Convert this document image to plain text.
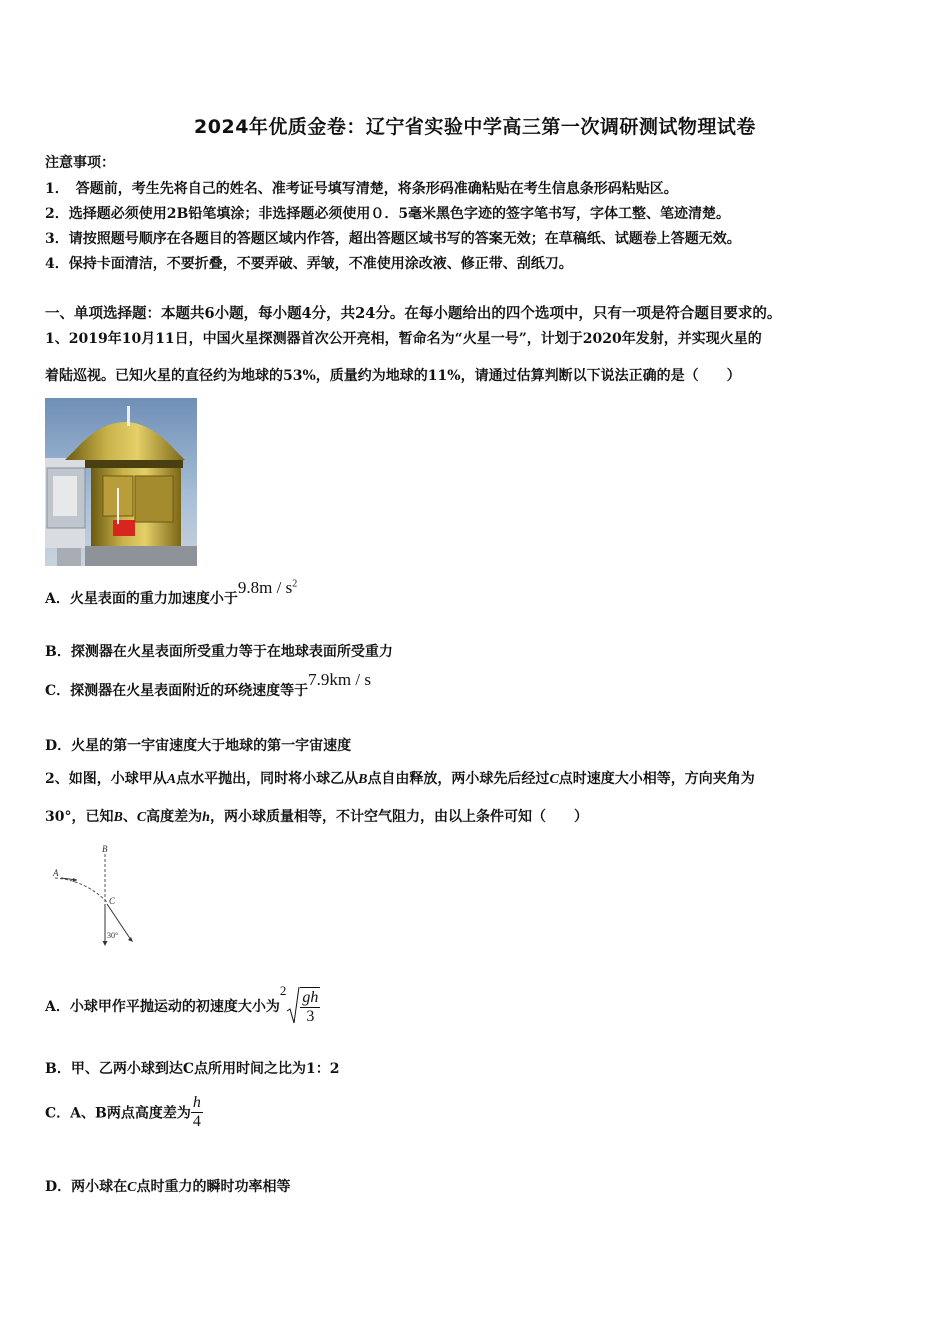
2024年优质金卷：辽宁省实验中学高三第一次调研测试物理试卷
注意事项：
1．　答题前，考生先将自己的姓名、准考证号填写清楚，将条形码准确粘贴在考生信息条形码粘贴区。
2．选择题必须使用2B铅笔填涂；非选择题必须使用０．5毫米黑色字迹的签字笔书写，字体工整、笔迹清楚。
3．请按照题号顺序在各题目的答题区域内作答，超出答题区域书写的答案无效；在草稿纸、试题卷上答题无效。
4．保持卡面清洁，不要折叠，不要弄破、弄皱，不准使用涂改液、修正带、刮纸刀。
一、单项选择题：本题共6小题，每小题4分，共24分。在每小题给出的四个选项中，只有一项是符合题目要求的。
1、2019年10月11日，中国火星探测器首次公开亮相，暂命名为“火星一号”，计划于2020年发射，并实现火星的
着陆巡视。已知火星的直径约为地球的53%，质量约为地球的11%，请通过估算判断以下说法正确的是（　　）
A．火星表面的重力加速度小于$9.8m / s^2$
B．探测器在火星表面所受重力等于在地球表面所受重力
C．探测器在火星表面附近的环绕速度等于7.9km / s
D．火星的第一宇宙速度大于地球的第一宇宙速度
2、如图，小球甲从A点水平抛出，同时将小球乙从B点自由释放，两小球先后经过C点时速度大小相等，方向夹角为
30°，已知B、C高度差为h，两小球质量相等，不计空气阻力，由以上条件可知（　　）
A
B
C
30°
A．小球甲作平抛运动的初速度大小为$2 \frac{gh}{3}$
B．甲、乙两小球到达C点所用时间之比为1：2
C．A、B两点高度差为 $\frac{h}{4}$
D．两小球在C点时重力的瞬时功率相等
